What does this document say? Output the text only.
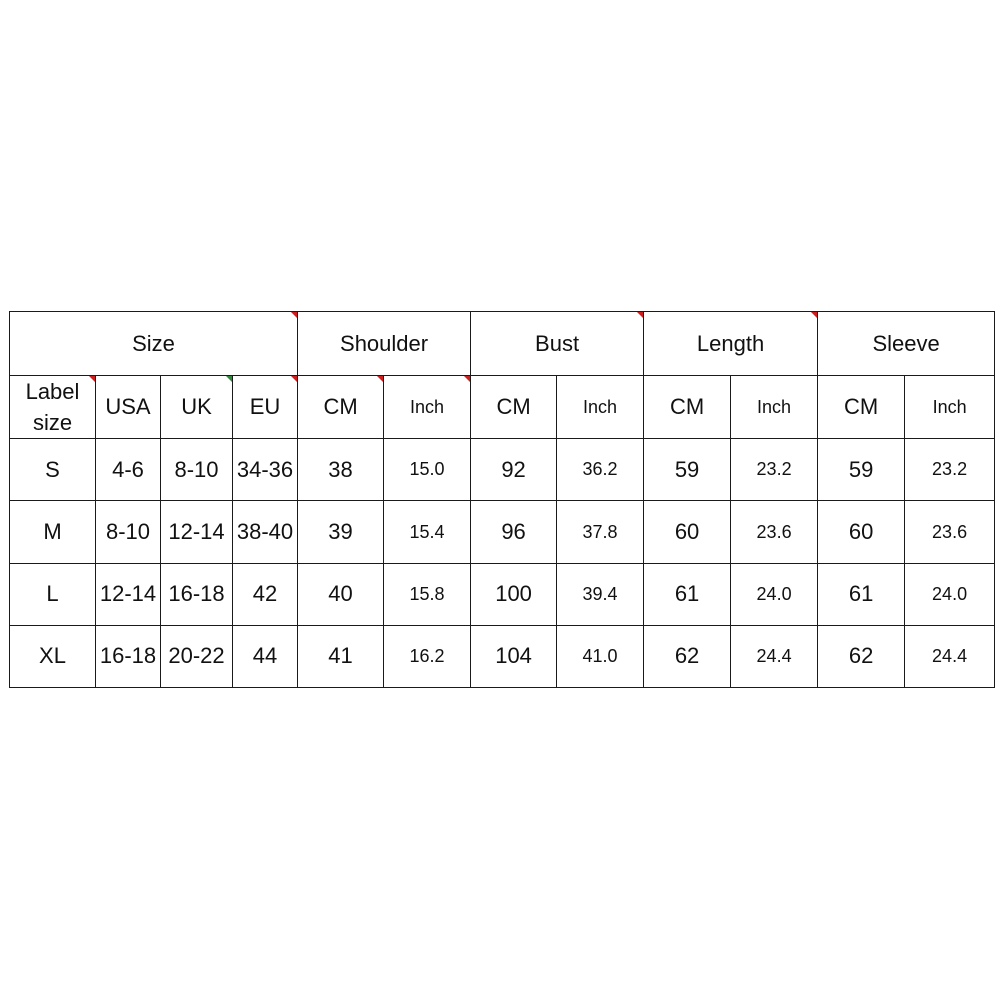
Size				Shoulder		Bust		Length		Sleeve	
Label
size	USA	UK	EU	CM	Inch	CM	Inch	CM	Inch	CM	Inch
S	4-6	8-10	34-36	38	15.0	92	36.2	59	23.2	59	23.2
M	8-10	12-14	38-40	39	15.4	96	37.8	60	23.6	60	23.6
L	12-14	16-18	42	40	15.8	100	39.4	61	24.0	61	24.0
XL	16-18	20-22	44	41	16.2	104	41.0	62	24.4	62	24.4
